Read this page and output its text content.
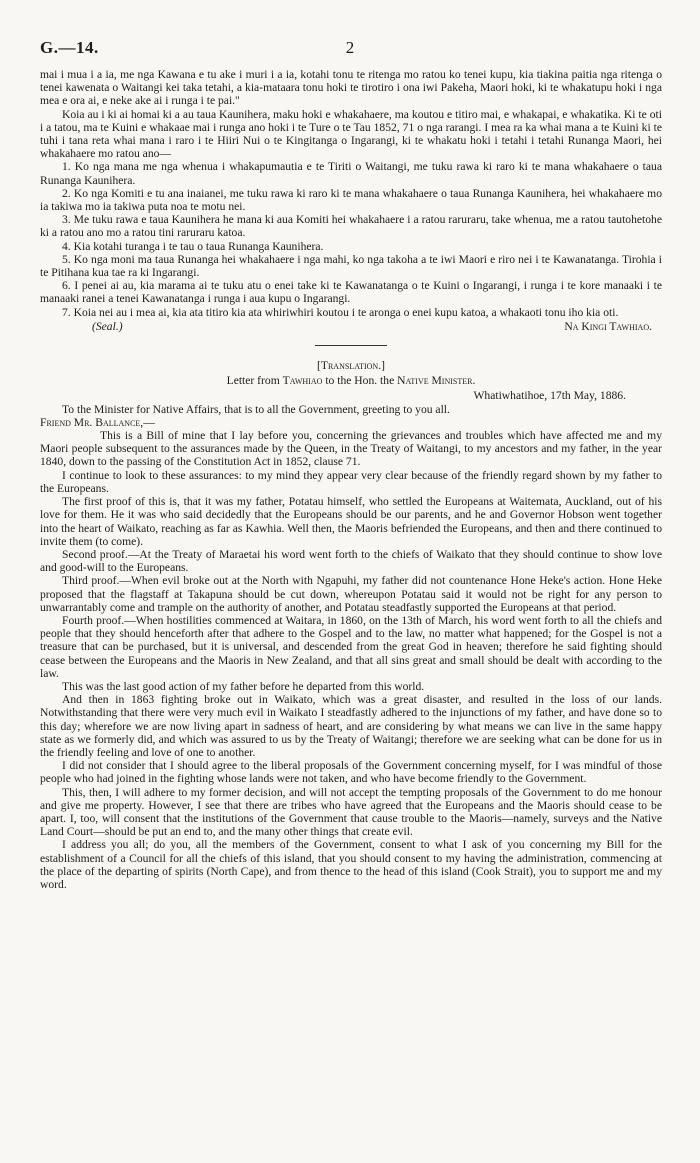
G.—14.	2

mai i mua i a ia, me nga Kawana e tu ake i muri i a ia, kotahi tonu te ritenga mo ratou ko tenei kupu, kia tiakina paitia nga ritenga o tenei kawenata o Waitangi kei taka tetahi, a kia-mataara tonu hoki te tirotiro i ona iwi Pakeha, Maori hoki, ki te whakatupu hoki i nga mea e ora ai, e neke ake ai i runga i te pai."

Koia au i ki ai homai ki a au taua Kaunihera, maku hoki e whakahaere, ma koutou e titiro mai, e whakapai, e whakatika. Ki te oti i a tatou, ma te Kuini e whakaae mai i runga ano hoki i te Ture o te Tau 1852, 71 o nga rarangi. I mea ra ka whai mana a te Kuini ki te tuhi i tana reta whai mana i raro i te Hiiri Nui o te Kingitanga o Ingarangi, ki te whakatu hoki i tetahi i tetahi Runanga Maori, hei whakahaere mo ratou ano—

1. Ko nga mana me nga whenua i whakapumautia e te Tiriti o Waitangi, me tuku rawa ki raro ki te mana whakahaere o taua Runanga Kaunihera.

2. Ko nga Komiti e tu ana inaianei, me tuku rawa ki raro ki te mana whakahaere o taua Runanga Kaunihera, hei whakahaere mo ia takiwa mo ia takiwa puta noa te motu nei.

3. Me tuku rawa e taua Kaunihera he mana ki aua Komiti hei whakahaere i a ratou raruraru, take whenua, me a ratou tautohetohe ki a ratou ano mo a ratou tini raruraru katoa.

4. Kia kotahi turanga i te tau o taua Runanga Kaunihera.

5. Ko nga moni ma taua Runanga hei whakahaere i nga mahi, ko nga takoha a te iwi Maori e riro nei i te Kawanatanga. Tirohia i te Pitihana kua tae ra ki Ingarangi.

6. I penei ai au, kia marama ai te tuku atu o enei take ki te Kawanatanga o te Kuini o Ingarangi, i runga i te kore manaaki i te manaaki ranei a tenei Kawanatanga i runga i aua kupu o Ingarangi.

7. Koia nei au i mea ai, kia ata titiro kia ata whiriwhiri koutou i te aronga o enei kupu katoa, a whakaoti tonu iho kia oti.

(Seal.)	Na Kingi Tawhiao.

[Translation.]

Letter from Tawhiao to the Hon. the Native Minister.

Whatiwhatihoe, 17th May, 1886.

To the Minister for Native Affairs, that is to all the Government, greeting to you all.

Friend Mr. Ballance,—

This is a Bill of mine that I lay before you, concerning the grievances and troubles which have affected me and my Maori people subsequent to the assurances made by the Queen, in the Treaty of Waitangi, to my ancestors and my father, in the year 1840, down to the passing of the Constitution Act in 1852, clause 71.

I continue to look to these assurances: to my mind they appear very clear because of the friendly regard shown by my father to the Europeans.

The first proof of this is, that it was my father, Potatau himself, who settled the Europeans at Waitemata, Auckland, out of his love for them. He it was who said decidedly that the Europeans should be our parents, and he and Governor Hobson went together into the heart of Waikato, reaching as far as Kawhia. Well then, the Maoris befriended the Europeans, and then and there continued to invite them (to come).

Second proof.—At the Treaty of Maraetai his word went forth to the chiefs of Waikato that they should continue to show love and good-will to the Europeans.

Third proof.—When evil broke out at the North with Ngapuhi, my father did not countenance Hone Heke's action. Hone Heke proposed that the flagstaff at Takapuna should be cut down, whereupon Potatau said it would not be right for any person to unwarrantably come and trample on the authority of another, and Potatau steadfastly supported the Europeans at that period.

Fourth proof.—When hostilities commenced at Waitara, in 1860, on the 13th of March, his word went forth to all the chiefs and people that they should henceforth after that adhere to the Gospel and to the law, no matter what happened; for the Gospel is not a treasure that can be purchased, but it is universal, and descended from the great God in heaven; therefore he said fighting should cease between the Europeans and the Maoris in New Zealand, and that all sins great and small should be dealt with according to the law.

This was the last good action of my father before he departed from this world.

And then in 1863 fighting broke out in Waikato, which was a great disaster, and resulted in the loss of our lands. Notwithstanding that there were very much evil in Waikato I steadfastly adhered to the injunctions of my father, and have done so to this day; wherefore we are now living apart in sadness of heart, and are considering by what means we can live in the same happy state as we formerly did, and which was assured to us by the Treaty of Waitangi; therefore we are seeking what can be done for us in the friendly feeling and love of one to another.

I did not consider that I should agree to the liberal proposals of the Government concerning myself, for I was mindful of those people who had joined in the fighting whose lands were not taken, and who have become friendly to the Government.

This, then, I will adhere to my former decision, and will not accept the tempting proposals of the Government to do me honour and give me property. However, I see that there are tribes who have agreed that the Europeans and the Maoris should cease to be apart. I, too, will consent that the institutions of the Government that cause trouble to the Maoris—namely, surveys and the Native Land Court—should be put an end to, and the many other things that create evil.

I address you all; do you, all the members of the Government, consent to what I ask of you concerning my Bill for the establishment of a Council for all the chiefs of this island, that you should consent to my having the administration, commencing at the place of the departing of spirits (North Cape), and from thence to the head of this island (Cook Strait), you to support me and my word.
